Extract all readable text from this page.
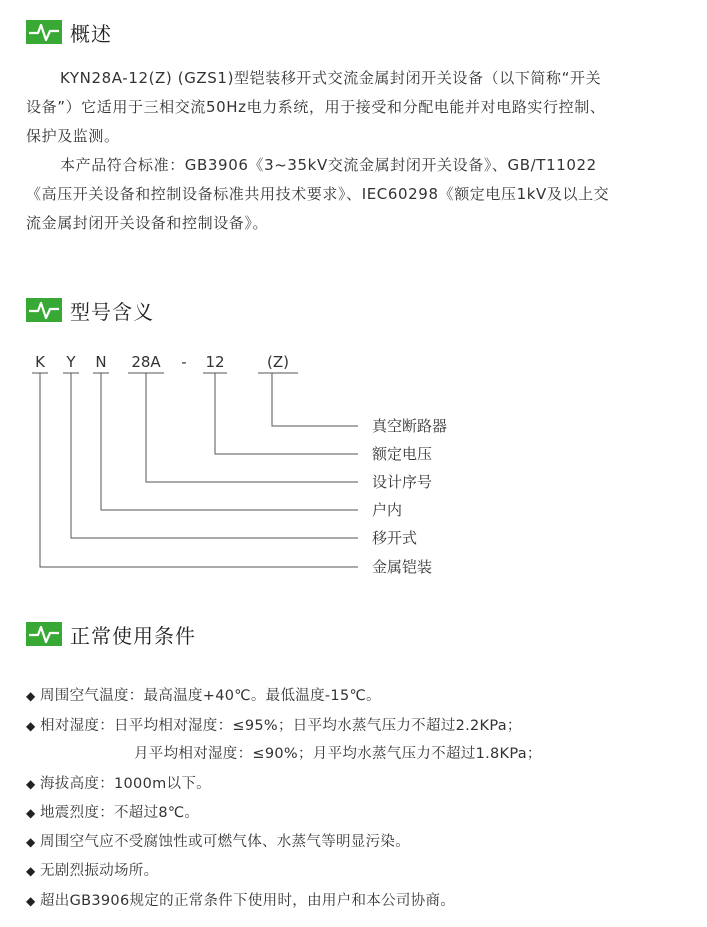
概述

KYN28A-12(Z) (GZS1)型铠装移开式交流金属封闭开关设备（以下简称“开关
设备”）它适用于三相交流50Hz电力系统，用于接受和分配电能并对电路实行控制、
保护及监测。
本产品符合标准：GB3906《3~35kV交流金属封闭开关设备》、GB/T11022
《高压开关设备和控制设备标准共用技术要求》、IEC60298《额定电压1kV及以上交
流金属封闭开关设备和控制设备》。

型号含义
K Y N 28A - 12	(Z)
真空断路器
额定电压
设计序号
户内
移开式
金属铠装
正常使用条件
◆ 周围空气温度：最高温度+40℃。最低温度-15℃。
◆ 相对湿度：日平均相对湿度：≤95%；日平均水蒸气压力不超过2.2KPa；
月平均相对湿度：≤90%；月平均水蒸气压力不超过1.8KPa；
◆ 海拔高度：1000m以下。
◆ 地震烈度：不超过8℃。
◆ 周围空气应不受腐蚀性或可燃气体、水蒸气等明显污染。
◆ 无剧烈振动场所。
◆ 超出GB3906规定的正常条件下使用时，由用户和本公司协商。
